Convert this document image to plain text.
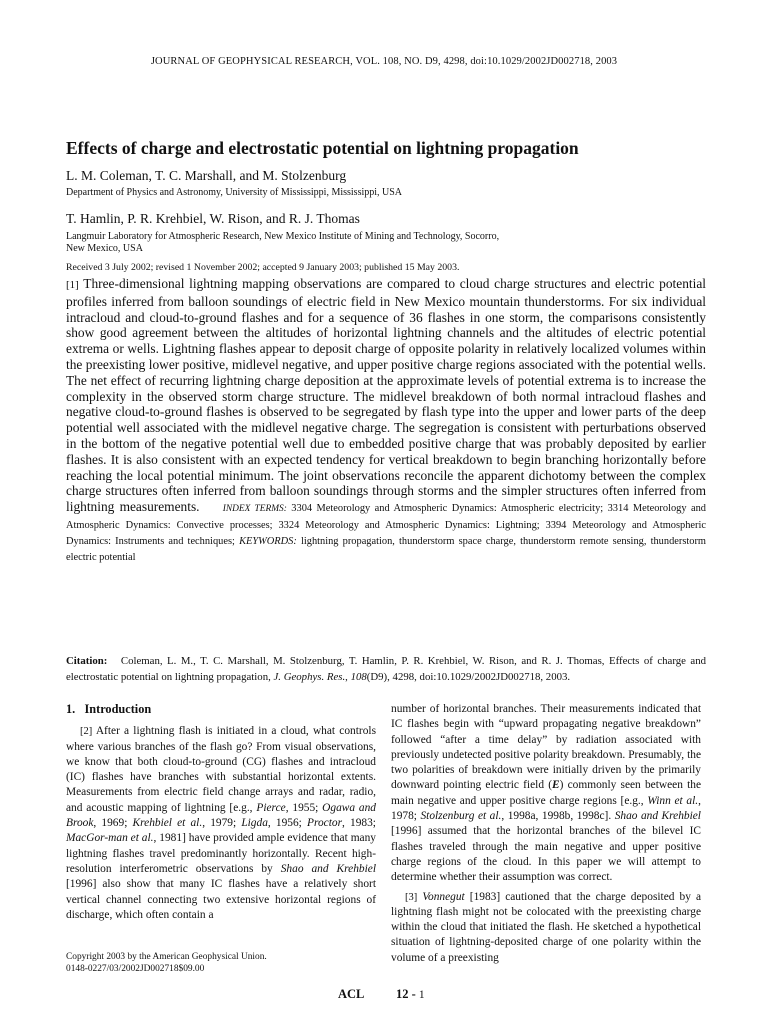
JOURNAL OF GEOPHYSICAL RESEARCH, VOL. 108, NO. D9, 4298, doi:10.1029/2002JD002718, 2003
Effects of charge and electrostatic potential on lightning propagation
L. M. Coleman, T. C. Marshall, and M. Stolzenburg
Department of Physics and Astronomy, University of Mississippi, Mississippi, USA
T. Hamlin, P. R. Krehbiel, W. Rison, and R. J. Thomas
Langmuir Laboratory for Atmospheric Research, New Mexico Institute of Mining and Technology, Socorro,
New Mexico, USA
Received 3 July 2002; revised 1 November 2002; accepted 9 January 2003; published 15 May 2003.
[1] Three-dimensional lightning mapping observations are compared to cloud charge structures and electric potential profiles inferred from balloon soundings of electric field in New Mexico mountain thunderstorms. For six individual intracloud and cloud-to-ground flashes and for a sequence of 36 flashes in one storm, the comparisons consistently show good agreement between the altitudes of horizontal lightning channels and the altitudes of electric potential extrema or wells. Lightning flashes appear to deposit charge of opposite polarity in relatively localized volumes within the preexisting lower positive, midlevel negative, and upper positive charge regions associated with the potential wells. The net effect of recurring lightning charge deposition at the approximate levels of potential extrema is to increase the complexity in the observed storm charge structure. The midlevel breakdown of both normal intracloud flashes and negative cloud-to-ground flashes is observed to be segregated by flash type into the upper and lower parts of the deep potential well associated with the midlevel negative charge. The segregation is consistent with perturbations observed in the bottom of the negative potential well due to embedded positive charge that was probably deposited by earlier flashes. It is also consistent with an expected tendency for vertical breakdown to begin branching horizontally before reaching the local potential minimum. The joint observations reconcile the apparent dichotomy between the complex charge structures often inferred from balloon soundings through storms and the simpler structures often inferred from lightning measurements. INDEX TERMS: 3304 Meteorology and Atmospheric Dynamics: Atmospheric electricity; 3314 Meteorology and Atmospheric Dynamics: Convective processes; 3324 Meteorology and Atmospheric Dynamics: Lightning; 3394 Meteorology and Atmospheric Dynamics: Instruments and techniques; KEYWORDS: lightning propagation, thunderstorm space charge, thunderstorm remote sensing, thunderstorm electric potential
Citation: Coleman, L. M., T. C. Marshall, M. Stolzenburg, T. Hamlin, P. R. Krehbiel, W. Rison, and R. J. Thomas, Effects of charge and electrostatic potential on lightning propagation, J. Geophys. Res., 108(D9), 4298, doi:10.1029/2002JD002718, 2003.
1. Introduction

[2] After a lightning flash is initiated in a cloud, what controls where various branches of the flash go? From visual observations, we know that both cloud-to-ground (CG) flashes and intracloud (IC) flashes have branches with substantial horizontal extents. Measurements from electric field change arrays and radar, radio, and acoustic mapping of lightning [e.g., Pierce, 1955; Ogawa and Brook, 1969; Krehbiel et al., 1979; Ligda, 1956; Proctor, 1983; MacGor-man et al., 1981] have provided ample evidence that many lightning flashes travel predominantly horizontally. Recent high-resolution interferometric observations by Shao and Krehbiel [1996] also show that many IC flashes have a relatively short vertical channel connecting two extensive horizontal regions of discharge, which often contain a

Copyright 2003 by the American Geophysical Union.
0148-0227/03/2002JD002718$09.00

number of horizontal branches. Their measurements indicated that IC flashes begin with “upward propagating negative breakdown” followed “after a time delay” by radiation associated with previously undetected positive polarity breakdown. Presumably, the two polarities of breakdown were initially driven by the primarily downward pointing electric field (E) commonly seen between the main negative and upper positive charge regions [e.g., Winn et al., 1978; Stolzenburg et al., 1998a, 1998b, 1998c]. Shao and Krehbiel [1996] assumed that the horizontal branches of the bilevel IC flashes traveled through the main negative and upper positive charge regions of the cloud. In this paper we will attempt to determine whether their assumption was correct.

[3] Vonnegut [1983] cautioned that the charge deposited by a lightning flash might not be colocated with the preexisting charge within the cloud that initiated the flash. He sketched a hypothetical situation of lightning-deposited charge of one polarity within the volume of a preexisting

ACL	12 - 1
